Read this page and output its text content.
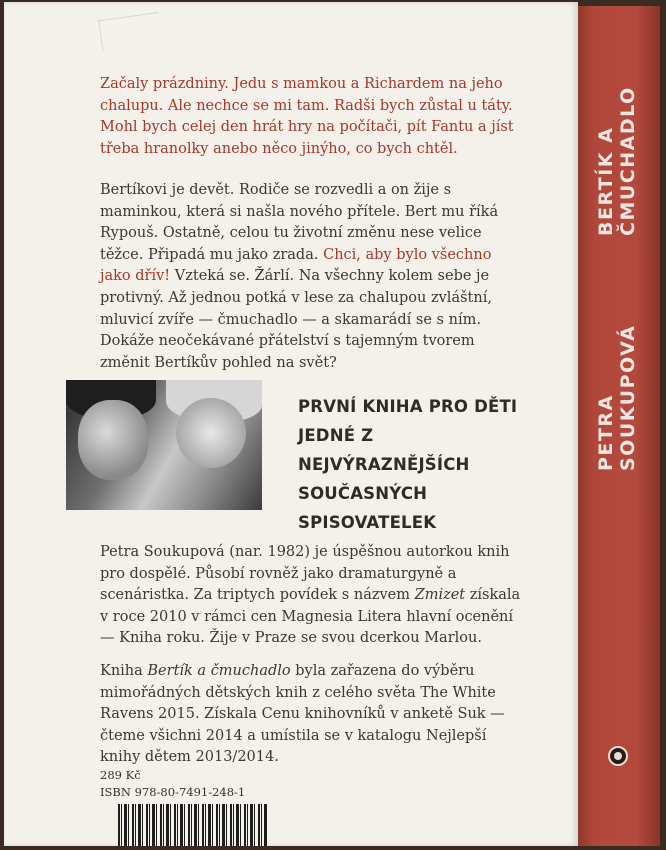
Začaly prázdniny. Jedu s mamkou a Richardem na jeho chalupu. Ale nechce se mi tam. Radši bych zůstal u táty. Mohl bych celej den hrát hry na počítači, pít Fantu a jíst třeba hranolky anebo něco jinýho, co bych chtěl.

Bertíkovi je devět. Rodiče se rozvedli a on žije s maminkou, která si našla nového přítele. Bert mu říká Rypouš. Ostatně, celou tu životní změnu nese velice těžce. Připadá mu jako zrada. Chci, aby bylo všechno jako dřív! Vzteká se. Žárlí. Na všechny kolem sebe je protivný. Až jednou potká v lese za chalupou zvláštní, mluvicí zvíře — čmuchadlo — a skamarádí se s ním. Dokáže neočekávané přátelství s tajemným tvorem změnit Bertíkův pohled na svět?

PRVNÍ KNIHA PRO DĚTI JEDNÉ Z NEJVÝRAZNĚJŠÍCH SOUČASNÝCH SPISOVATELEK

Petra Soukupová (nar. 1982) je úspěšnou autorkou knih pro dospělé. Působí rovněž jako dramaturgyně a scenáristka. Za triptych povídek s názvem Zmizet získala v roce 2010 v rámci cen Magnesia Litera hlavní ocenění — Kniha roku. Žije v Praze se svou dcerkou Marlou.

Kniha Bertík a čmuchadlo byla zařazena do výběru mimořádných dětských knih z celého světa The White Ravens 2015. Získala Cenu knihovníků v anketě Suk — čteme všichni 2014 a umístila se v katalogu Nejlepší knihy dětem 2013/2014.

289 Kč

ISBN 978-80-7491-248-1

BERTÍK A ČMUCHADLO
PETRA SOUKUPOVÁ
